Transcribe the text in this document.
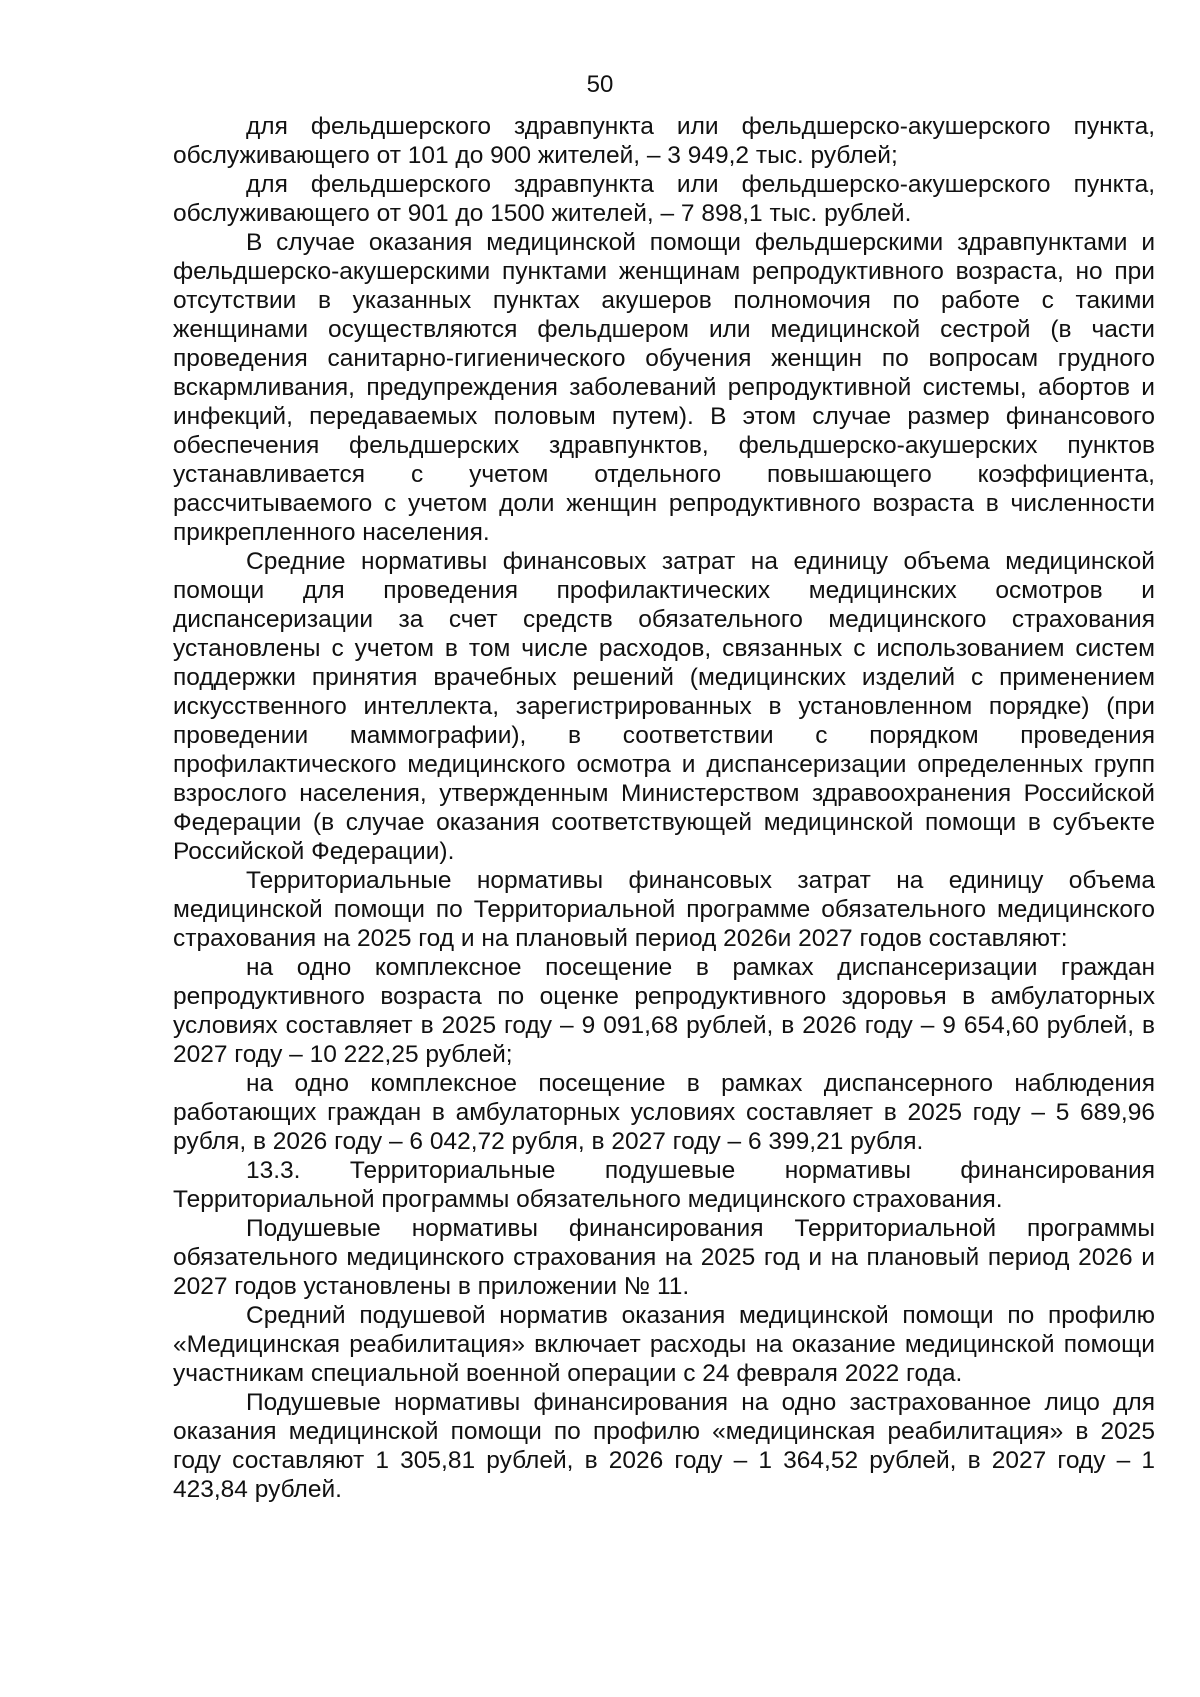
50

для фельдшерского здравпункта или фельдшерско-акушерского пункта, обслуживающего от 101 до 900 жителей, – 3 949,2 тыс. рублей;

для фельдшерского здравпункта или фельдшерско-акушерского пункта, обслуживающего от 901 до 1500 жителей, – 7 898,1 тыс. рублей.

В случае оказания медицинской помощи фельдшерскими здравпунктами и фельдшерско-акушерскими пунктами женщинам репродуктивного возраста, но при отсутствии в указанных пунктах акушеров полномочия по работе с такими женщинами осуществляются фельдшером или медицинской сестрой (в части проведения санитарно-гигиенического обучения женщин по вопросам грудного вскармливания, предупреждения заболеваний репродуктивной системы, абортов и инфекций, передаваемых половым путем). В этом случае размер финансового обеспечения фельдшерских здравпунктов, фельдшерско-акушерских пунктов устанавливается с учетом отдельного повышающего коэффициента, рассчитываемого с учетом доли женщин репродуктивного возраста в численности прикрепленного населения.

Средние нормативы финансовых затрат на единицу объема медицинской помощи для проведения профилактических медицинских осмотров и диспансеризации за счет средств обязательного медицинского страхования установлены с учетом в том числе расходов, связанных с использованием систем поддержки принятия врачебных решений (медицинских изделий с применением искусственного интеллекта, зарегистрированных в установленном порядке) (при проведении маммографии), в соответствии с порядком проведения профилактического медицинского осмотра и диспансеризации определенных групп взрослого населения, утвержденным Министерством здравоохранения Российской Федерации (в случае оказания соответствующей медицинской помощи в субъекте Российской Федерации).

Территориальные нормативы финансовых затрат на единицу объема медицинской помощи по Территориальной программе обязательного медицинского страхования на 2025 год и на плановый период 2026и 2027 годов составляют:

на одно комплексное посещение в рамках диспансеризации граждан репродуктивного возраста по оценке репродуктивного здоровья в амбулаторных условиях составляет в 2025 году – 9 091,68 рублей, в 2026 году – 9 654,60 рублей, в 2027 году – 10 222,25 рублей;

на одно комплексное посещение в рамках диспансерного наблюдения работающих граждан в амбулаторных условиях составляет в 2025 году – 5 689,96 рубля, в 2026 году – 6 042,72 рубля, в 2027 году – 6 399,21 рубля.

13.3. Территориальные подушевые нормативы финансирования Территориальной программы обязательного медицинского страхования.

Подушевые нормативы финансирования Территориальной программы обязательного медицинского страхования на 2025 год и на плановый период 2026 и 2027 годов установлены в приложении № 11.

Средний подушевой норматив оказания медицинской помощи по профилю «Медицинская реабилитация» включает расходы на оказание медицинской помощи участникам специальной военной операции с 24 февраля 2022 года.

Подушевые нормативы финансирования на одно застрахованное лицо для оказания медицинской помощи по профилю «медицинская реабилитация» в 2025 году составляют 1 305,81 рублей, в 2026 году – 1 364,52 рублей, в 2027 году – 1 423,84 рублей.
